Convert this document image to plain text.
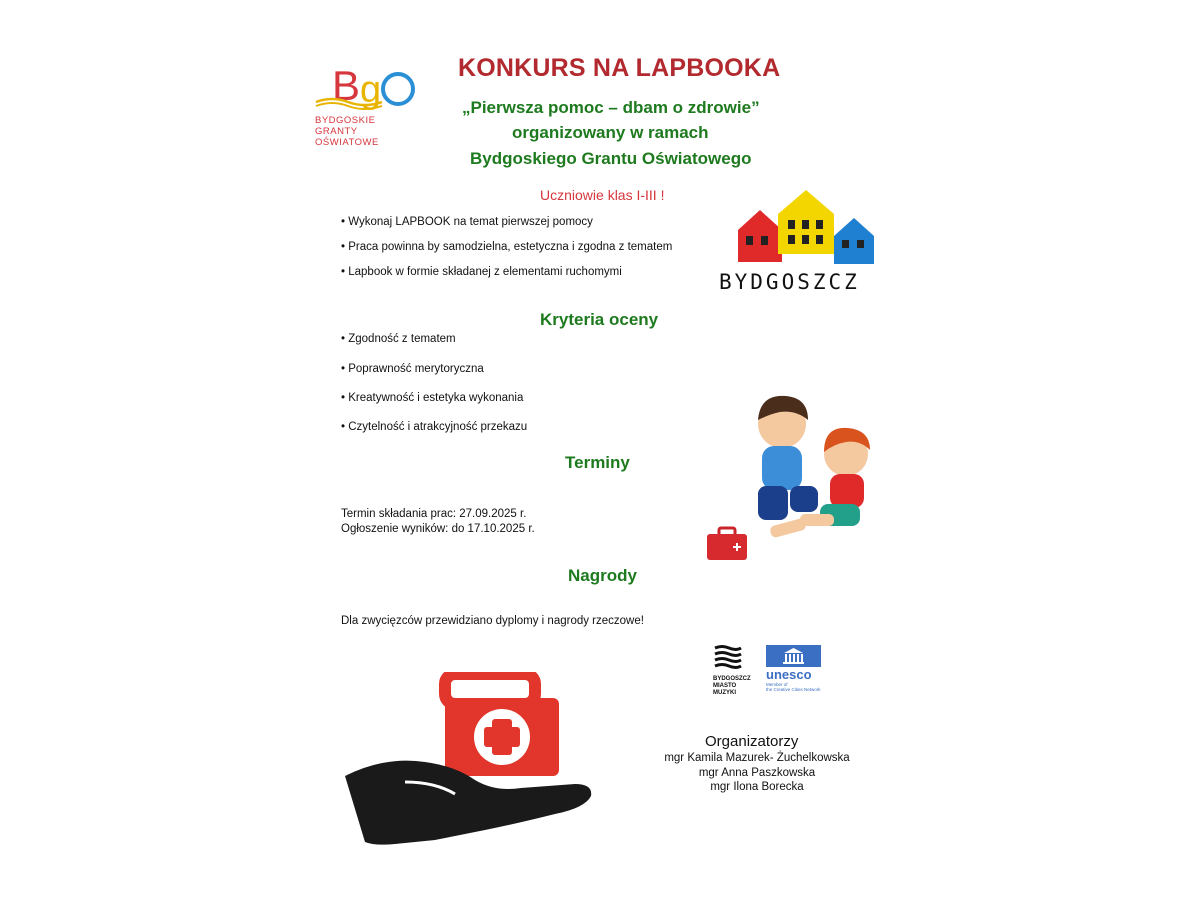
B g
BYDGOSKIE
GRANTY
OŚWIATOWE
KONKURS NA LAPBOOKA
„Pierwsza pomoc – dbam o zdrowie”
organizowany w ramach
Bydgoskiego Grantu Oświatowego
Uczniowie klas I-III !
• Wykonaj LAPBOOK na temat pierwszej pomocy
• Praca powinna by samodzielna, estetyczna i zgodna z tematem
• Lapbook w formie składanej z elementami ruchomymi	BYDGOSZCZ
Kryteria oceny
• Zgodność z tematem
• Poprawność merytoryczna
• Kreatywność i estetyka wykonania
• Czytelność i atrakcyjność przekazu
Terminy
Termin składania prac: 27.09.2025 r.
Ogłoszenie wyników: do 17.10.2025 r.
Nagrody
Dla zwycięzców przewidziano dyplomy i nagrody rzeczowe!
BYDGOSZCZ
MIASTO
MUZYKI
unesco
Member of
the Creative Cities Network
Organizatorzy
mgr Kamila Mazurek- Żuchelkowska
mgr Anna Paszkowska
mgr Ilona Borecka
